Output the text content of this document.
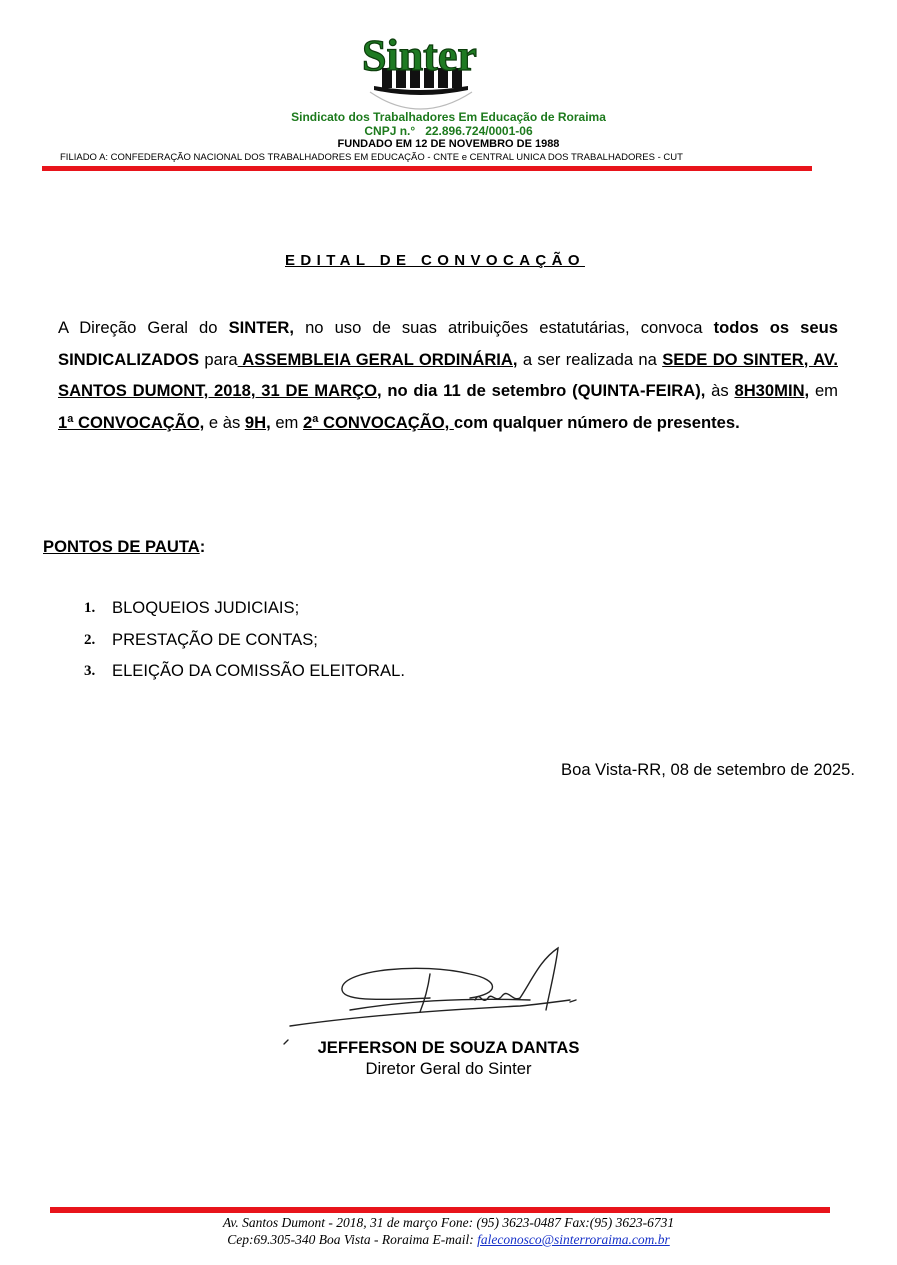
Sinter
Sindicato dos Trabalhadores Em Educação de Roraima
CNPJ n.° 22.896.724/0001-06
FUNDADO EM 12 DE NOVEMBRO DE 1988
FILIADO A: CONFEDERAÇÃO NACIONAL DOS TRABALHADORES EM EDUCAÇÃO - CNTE e CENTRAL UNICA DOS TRABALHADORES - CUT
EDITAL DE CONVOCAÇÃO
A Direção Geral do SINTER, no uso de suas atribuições estatutárias, convoca todos os seus SINDICALIZADOS para ASSEMBLEIA GERAL ORDINÁRIA, a ser realizada na SEDE DO SINTER, AV. SANTOS DUMONT, 2018, 31 DE MARÇO, no dia 11 de setembro (QUINTA-FEIRA), às 8H30MIN, em 1ª CONVOCAÇÃO, e às 9H, em 2ª CONVOCAÇÃO, com qualquer número de presentes.
PONTOS DE PAUTA:
1.	BLOQUEIOS JUDICIAIS;
2.	PRESTAÇÃO DE CONTAS;
3.	ELEIÇÃO DA COMISSÃO ELEITORAL.
Boa Vista-RR, 08 de setembro de 2025.
JEFFERSON DE SOUZA DANTAS
Diretor Geral do Sinter
Av. Santos Dumont - 2018, 31 de março Fone: (95) 3623-0487 Fax:(95) 3623-6731
Cep:69.305-340 Boa Vista - Roraima E-mail: faleconosco@sinterroraima.com.br
